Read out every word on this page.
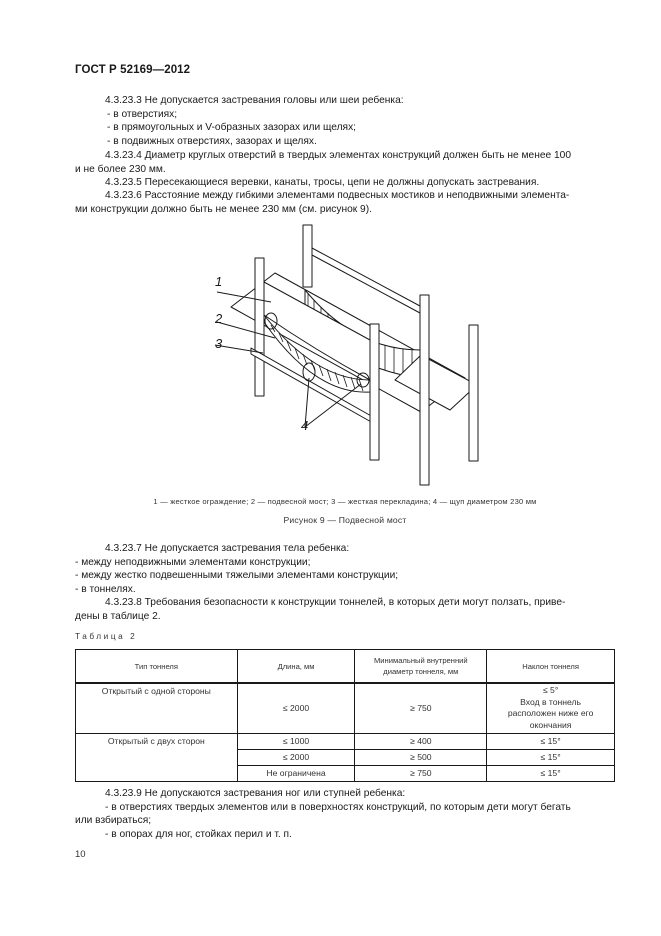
ГОСТ Р 52169—2012
4.3.23.3 Не допускается застревания головы или шеи ребенка:
- в отверстиях;
- в прямоугольных и V-образных зазорах или щелях;
- в подвижных отверстиях, зазорах и щелях.
4.3.23.4 Диаметр круглых отверстий в твердых элементах конструкций должен быть не менее 100
и не более 230 мм.
4.3.23.5 Пересекающиеся веревки, канаты, тросы, цепи не должны допускать застревания.
4.3.23.6 Расстояние между гибкими элементами подвесных мостиков и неподвижными элемента-
ми конструкции должно быть не менее 230 мм (см. рисунок 9).
1
2
3
4
1 — жесткое ограждение; 2 — подвесной мост; 3 — жесткая перекладина; 4 — щуп диаметром 230 мм
Рисунок 9 — Подвесной мост
4.3.23.7 Не допускается застревания тела ребенка:
- между неподвижными элементами конструкции;
- между жестко подвешенными тяжелыми элементами конструкции;
- в тоннелях.
4.3.23.8 Требования безопасности к конструкции тоннелей, в которых дети могут ползать, приве-
дены в таблице 2.
Таблица 2
Тип тоннеля	Длина, мм	Минимальный внутренний диаметр тоннеля, мм	Наклон тоннеля
Открытый с одной стороны	≤ 2000	≥ 750	≤ 5°
Вход в тоннель
расположен ниже его
окончания

Открытый с двух сторон	≤ 1000	≥ 400	≤ 15°
	≤ 2000	≥ 500	≤ 15°
	Не ограничена	≥ 750	≤ 15°
4.3.23.9 Не допускаются застревания ног или ступней ребенка:
- в отверстиях твердых элементов или в поверхностях конструкций, по которым дети могут бегать
или взбираться;
- в опорах для ног, стойках перил и т. п.
10
